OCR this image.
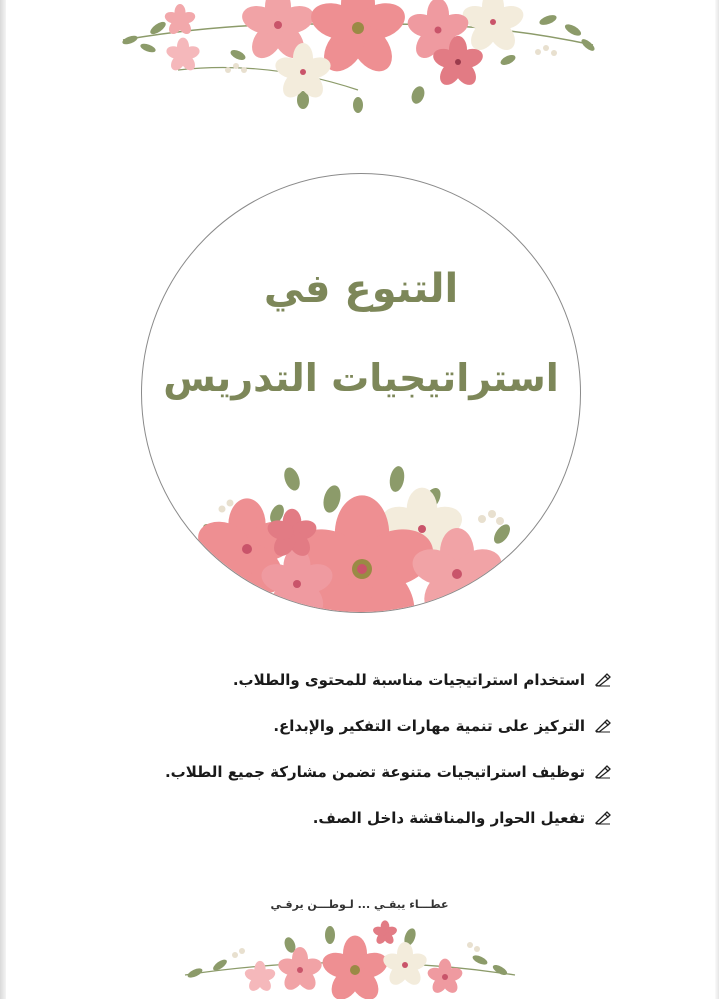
التنوع في
استراتيجيات التدريس
استخدام استراتيجيات مناسبة للمحتوى والطلاب.
التركيز على تنمية مهارات التفكير والإبداع.
توظيف استراتيجيات متنوعة تضمن مشاركة جميع الطلاب.
تفعيل الحوار والمناقشة داخل الصف.
عطـــاء يبقـي ... لـوطـــن يرقـي
